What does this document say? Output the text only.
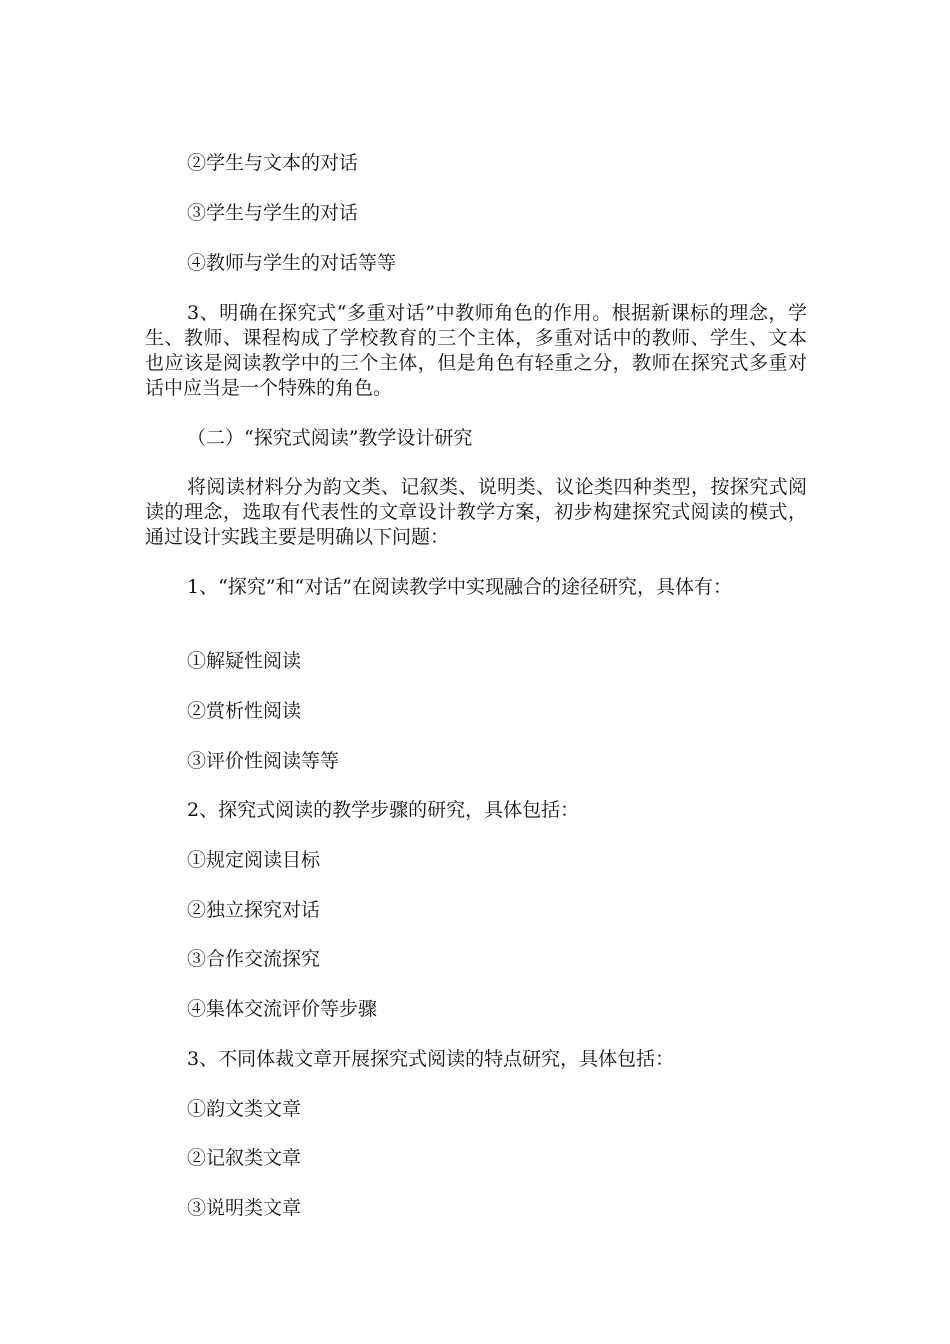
②学生与文本的对话
③学生与学生的对话
④教师与学生的对话等等

3、明确在探究式“多重对话”中教师角色的作用。根据新课标的理念，学生、教师、课程构成了学校教育的三个主体，多重对话中的教师、学生、文本也应该是阅读教学中的三个主体，但是角色有轻重之分，教师在探究式多重对话中应当是一个特殊的角色。

（二）“探究式阅读”教学设计研究

将阅读材料分为韵文类、记叙类、说明类、议论类四种类型，按探究式阅读的理念，选取有代表性的文章设计教学方案，初步构建探究式阅读的模式，通过设计实践主要是明确以下问题：

1、“探究”和“对话”在阅读教学中实现融合的途径研究，具体有：

①解疑性阅读
②赏析性阅读
③评价性阅读等等
2、探究式阅读的教学步骤的研究，具体包括：
①规定阅读目标
②独立探究对话
③合作交流探究
④集体交流评价等步骤
3、不同体裁文章开展探究式阅读的特点研究，具体包括：
①韵文类文章
②记叙类文章
③说明类文章
